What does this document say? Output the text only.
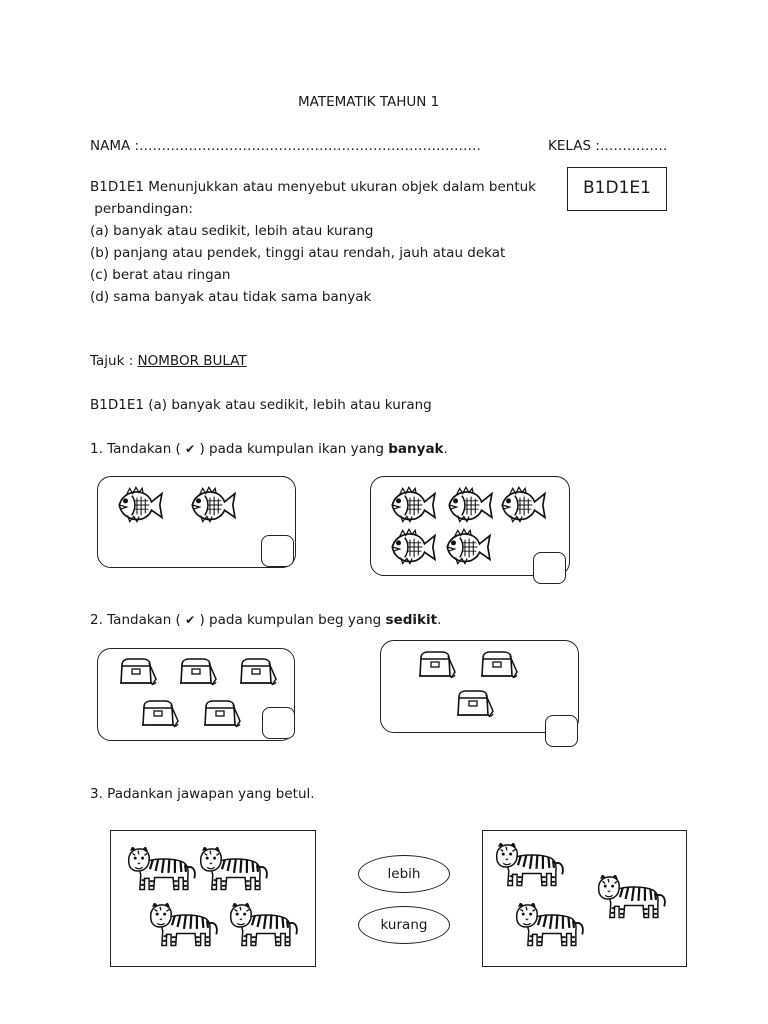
MATEMATIK TAHUN 1
B1D1E1
NAMA :………………………………………………………………….	KELAS :……………
B1D1E1 Menunjukkan atau menyebut ukuran objek dalam bentuk
perbandingan:
(a) banyak atau sedikit, lebih atau kurang
(b) panjang atau pendek, tinggi atau rendah, jauh atau dekat
(c) berat atau ringan
(d) sama banyak atau tidak sama banyak
Tajuk : NOMBOR BULAT
B1D1E1 (a) banyak atau sedikit, lebih atau kurang
1. Tandakan ( ✔ ) pada kumpulan ikan yang banyak.
2. Tandakan ( ✔ ) pada kumpulan beg yang sedikit.
3. Padankan jawapan yang betul.
lebih
kurang
